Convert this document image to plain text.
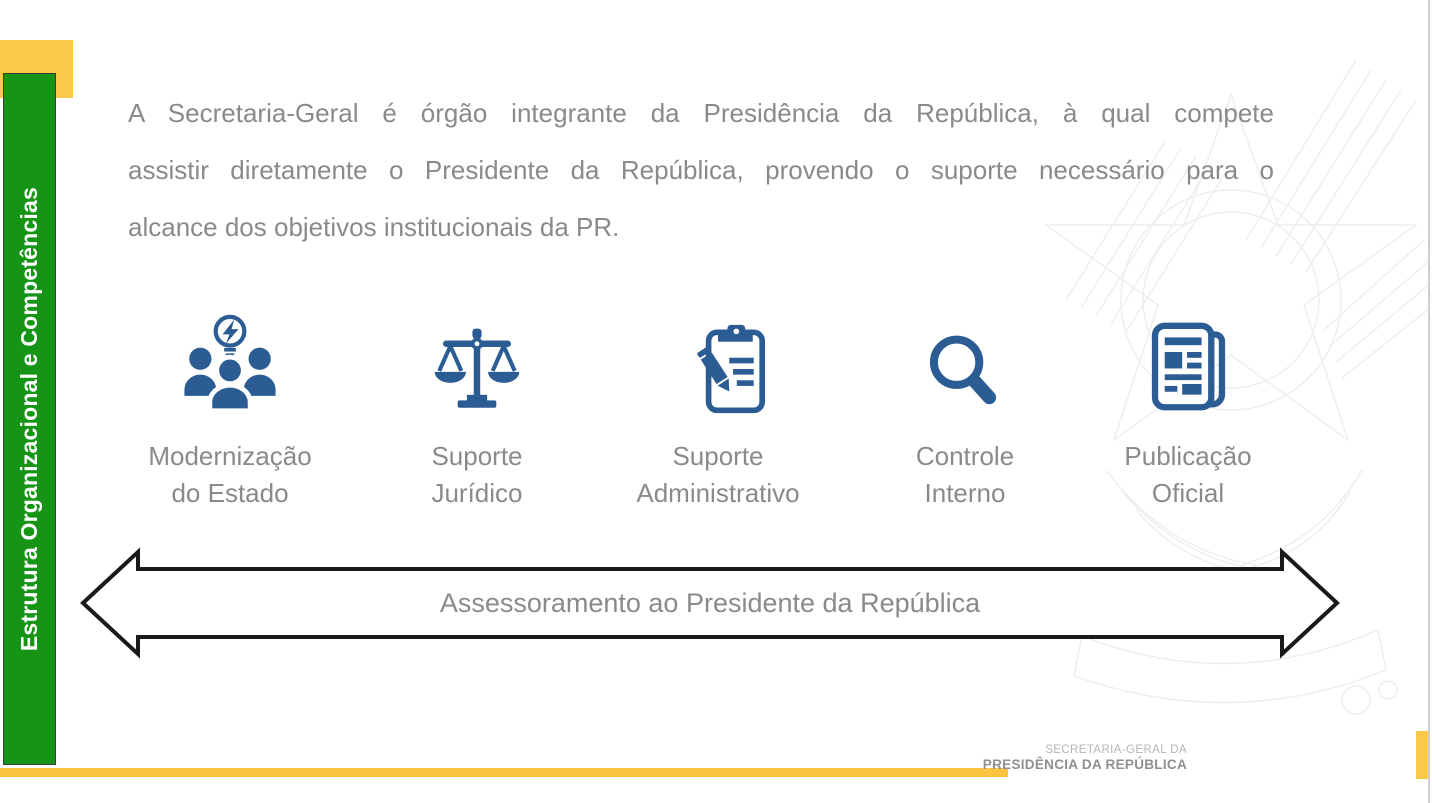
Estrutura Organizacional e Competências
A Secretaria-Geral é órgão integrante da Presidência da República, à qual compete
assistir diretamente o Presidente da República, provendo o suporte necessário para o
alcance dos objetivos institucionais da PR.
Modernização
do Estado
Suporte
Jurídico
Suporte
Administrativo
Controle
Interno
Publicação
Oficial
Assessoramento ao Presidente da República
SECRETARIA-GERAL DA
PRESIDÊNCIA DA REPÚBLICA
